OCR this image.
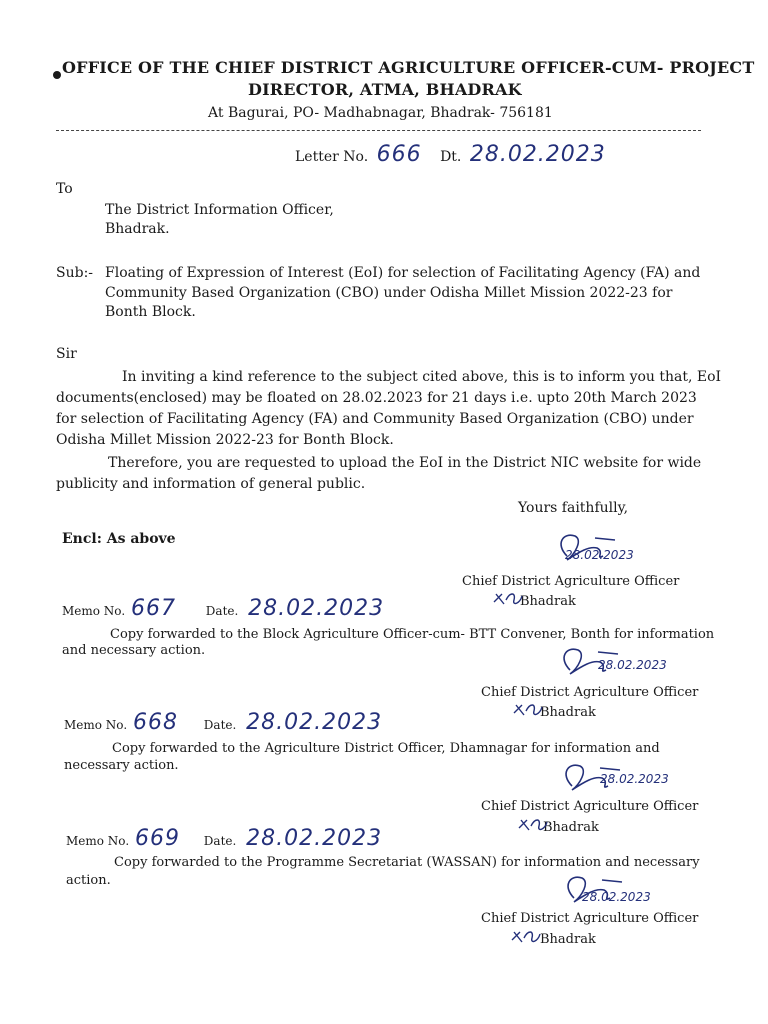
OFFICE OF THE CHIEF DISTRICT AGRICULTURE OFFICER-CUM- PROJECT
DIRECTOR, ATMA, BHADRAK
At Bagurai, PO- Madhabnagar, Bhadrak- 756181
Letter No. 666 Dt. 28.02.2023
To
The District Information Officer,
Bhadrak.
Sub:- Floating of Expression of Interest (EoI) for selection of Facilitating Agency (FA) and
Community Based Organization (CBO) under Odisha Millet Mission 2022-23 for
Bonth Block.
Sir
In inviting a kind reference to the subject cited above, this is to inform you that, EoI
documents(enclosed) may be floated on 28.02.2023 for 21 days i.e. upto 20th March 2023
for selection of Facilitating Agency (FA) and Community Based Organization (CBO) under
Odisha Millet Mission 2022-23 for Bonth Block.
Therefore, you are requested to upload the EoI in the District NIC website for wide
publicity and information of general public.
Yours faithfully,
Encl: As above
28.02.2023
Chief District Agriculture Officer
Bhadrak
Memo No. 667 Date. 28.02.2023
Copy forwarded to the Block Agriculture Officer-cum- BTT Convener, Bonth for information
and necessary action.
28.02.2023
Chief District Agriculture Officer
Bhadrak
Memo No. 668 Date. 28.02.2023
Copy forwarded to the Agriculture District Officer, Dhamnagar for information and
necessary action.
28.02.2023
Chief District Agriculture Officer
Bhadrak
Memo No. 669 Date. 28.02.2023
Copy forwarded to the Programme Secretariat (WASSAN) for information and necessary
action.
28.02.2023
Chief District Agriculture Officer
Bhadrak
